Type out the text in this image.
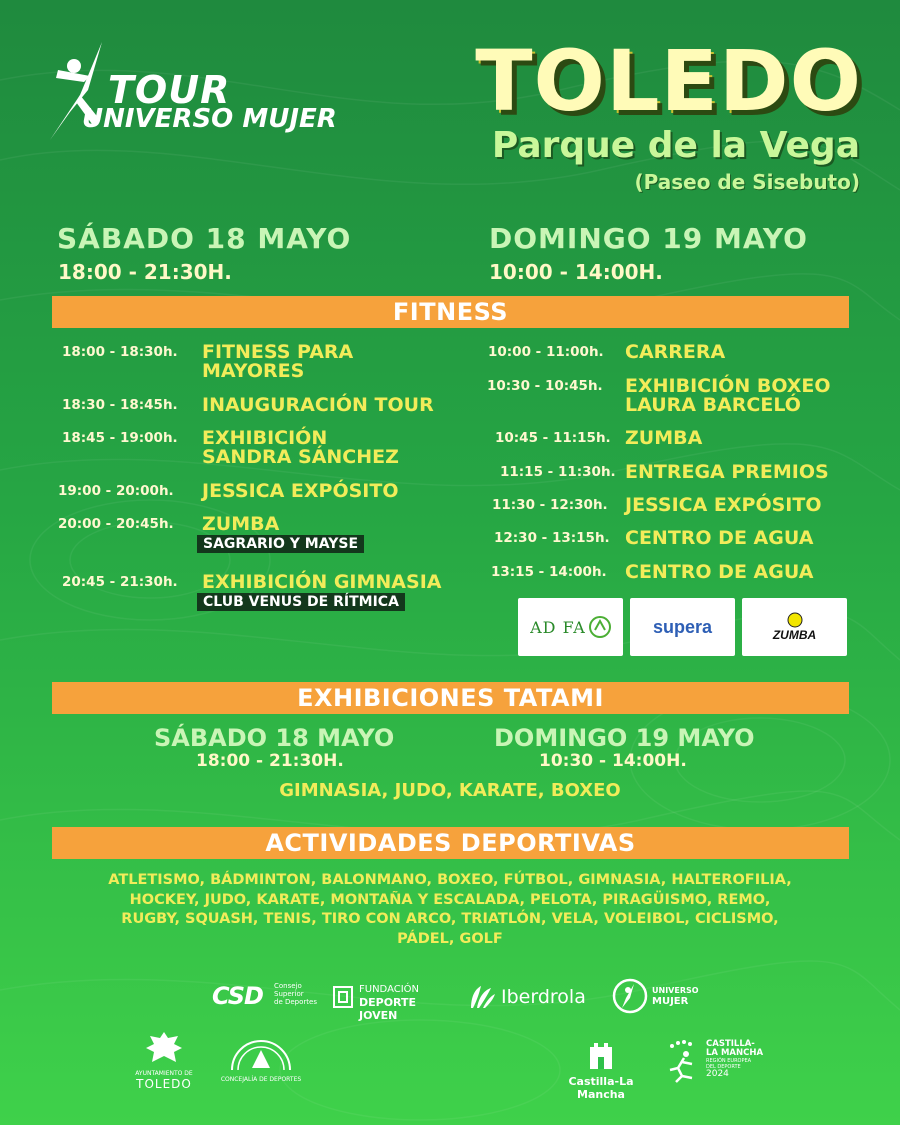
TOUR
UNIVERSO MUJER TOLEDO
Parque de la Vega
(Paseo de Sisebuto)
SÁBADO 18 MAYO
18:00 - 21:30H.
DOMINGO 19 MAYO
10:00 - 14:00H.
FITNESS
18:00 - 18:30h. FITNESS PARA
MAYORES
18:30 - 18:45h. INAUGURACIÓN TOUR
18:45 - 19:00h. EXHIBICIÓN
SANDRA SÁNCHEZ
19:00 - 20:00h. JESSICA EXPÓSITO
20:00 - 20:45h. ZUMBA
SAGRARIO Y MAYSE
20:45 - 21:30h. EXHIBICIÓN GIMNASIA
CLUB VENUS DE RÍTMICA
10:00 - 11:00h. CARRERA
10:30 - 10:45h. EXHIBICIÓN BOXEO
LAURA BARCELÓ
10:45 - 11:15h. ZUMBA
11:15 - 11:30h. ENTREGA PREMIOS
11:30 - 12:30h. JESSICA EXPÓSITO
12:30 - 13:15h. CENTRO DE AGUA
13:15 - 14:00h. CENTRO DE AGUA
AD FA	supera	ZUMBA
EXHIBICIONES TATAMI
SÁBADO 18 MAYO
18:00 - 21:30H.
DOMINGO 19 MAYO
10:30 - 14:00H.
GIMNASIA, JUDO, KARATE, BOXEO
ACTIVIDADES DEPORTIVAS
ATLETISMO, BÁDMINTON, BALONMANO, BOXEO, FÚTBOL, GIMNASIA, HALTEROFILIA,
HOCKEY, JUDO, KARATE, MONTAÑA Y ESCALADA, PELOTA, PIRAGÜISMO, REMO,
RUGBY, SQUASH, TENIS, TIRO CON ARCO, TRIATLÓN, VELA, VOLEIBOL, CICLISMO,
PÁDEL, GOLF
CSD Consejo
Superior
de Deportes
FUNDACIÓN
DEPORTE JOVEN
Iberdrola	UNIVERSO
MUJER
AYUNTAMIENTO DE
TOLEDO	CONCEJALÍA DE DEPORTES	Castilla-La Mancha
CASTILLA-
LA MANCHA
REGIÓN EUROPEA
DEL DEPORTE
2024
